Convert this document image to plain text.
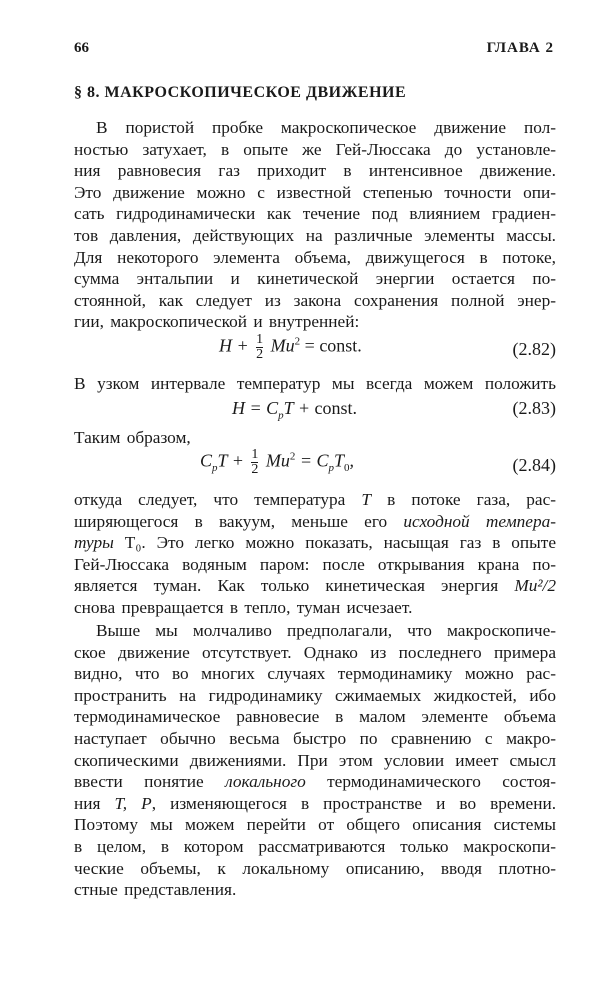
66	ГЛАВА 2
§ 8. МАКРОСКОПИЧЕСКОЕ ДВИЖЕНИЕ
В пористой пробке макроскопическое движение пол-
ностью затухает, в опыте же Гей-Люссака до установле-
ния равновесия газ приходит в интенсивное движение.
Это движение можно с известной степенью точности опи-
сать гидродинамически как течение под влиянием градиен-
тов давления, действующих на различные элементы массы.
Для некоторого элемента объема, движущегося в потоке,
сумма энтальпии и кинетической энергии остается по-
стоянной, как следует из закона сохранения полной энер-
гии, макроскопической и внутренней:
$H + \frac{1}{2} Mu^2$ = const.	(2.82)
В узком интервале температур мы всегда можем положить
$H = C_pT$ + const.	(2.83)
Таким образом,
$C_pT + \frac{1}{2} Mu^2 = C_pT_0$,	(2.84)
откуда следует, что температура T в потоке газа, рас-
ширяющегося в вакуум, меньше его исходной темпера-
туры T₀. Это легко можно показать, насыщая газ в опыте
Гей-Люссака водяным паром: после открывания крана по-
является туман. Как только кинетическая энергия Mu²/2
снова превращается в тепло, туман исчезает.
Выше мы молчаливо предполагали, что макроскопиче-
ское движение отсутствует. Однако из последнего примера
видно, что во многих случаях термодинамику можно рас-
пространить на гидродинамику сжимаемых жидкостей, ибо
термодинамическое равновесие в малом элементе объема
наступает обычно весьма быстро по сравнению с макро-
скопическими движениями. При этом условии имеет смысл
ввести понятие локального термодинамического состоя-
ния T, P, изменяющегося в пространстве и во времени.
Поэтому мы можем перейти от общего описания системы
в целом, в котором рассматриваются только макроскопи-
ческие объемы, к локальному описанию, вводя плотно-
стные представления.
